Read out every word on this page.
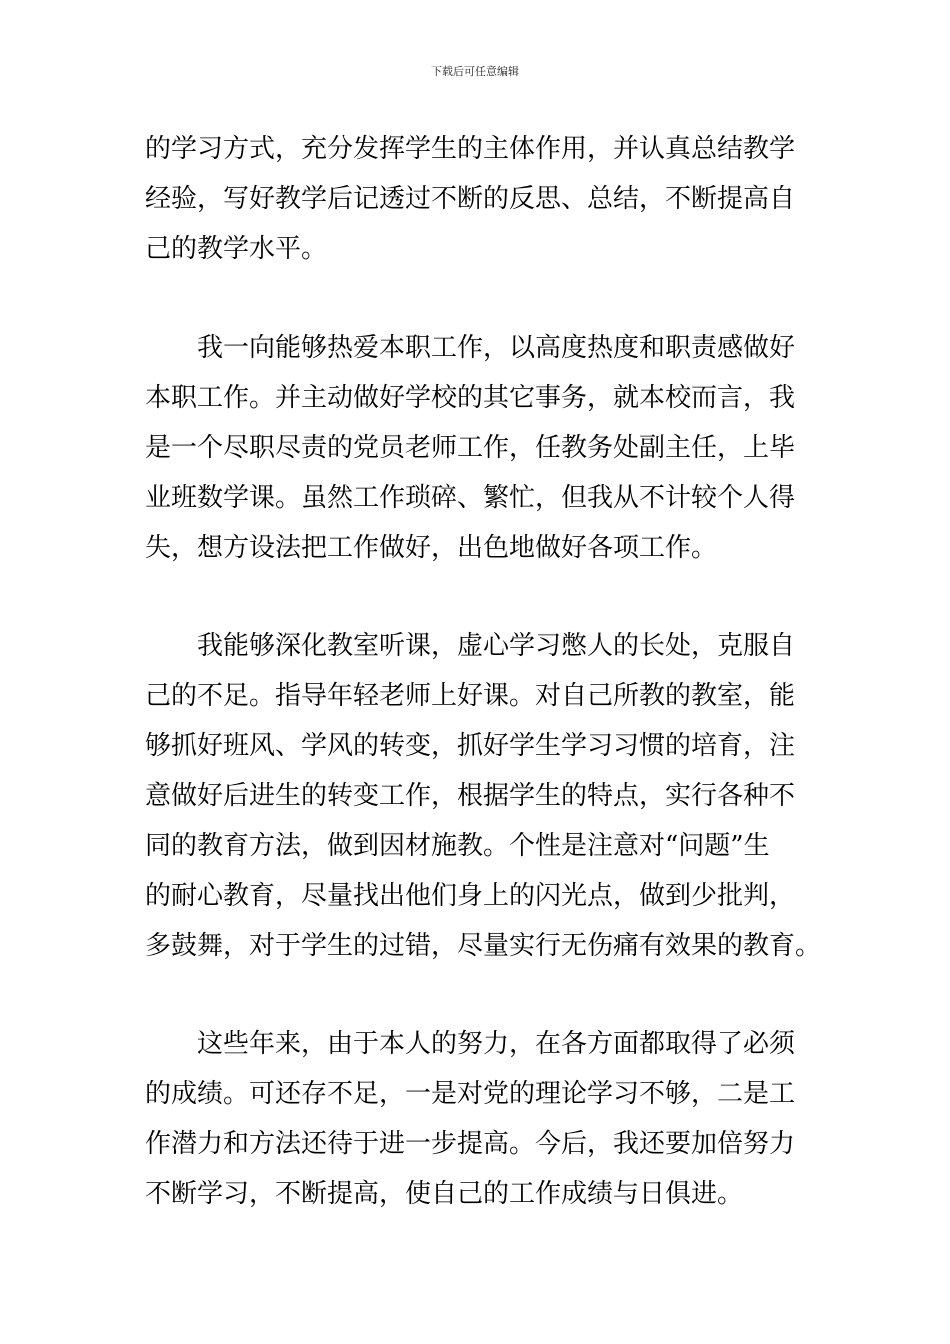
下载后可任意编辑
的学习方式，充分发挥学生的主体作用，并认真总结教学
经验，写好教学后记透过不断的反思、总结，不断提高自
己的教学水平。
我一向能够热爱本职工作，以高度热度和职责感做好
本职工作。并主动做好学校的其它事务，就本校而言，我
是一个尽职尽责的党员老师工作，任教务处副主任，上毕
业班数学课。虽然工作琐碎、繁忙，但我从不计较个人得
失，想方设法把工作做好，出色地做好各项工作。
我能够深化教室听课，虚心学习憋人的长处，克服自
己的不足。指导年轻老师上好课。对自己所教的教室，能
够抓好班风、学风的转变，抓好学生学习习惯的培育，注
意做好后进生的转变工作，根据学生的特点，实行各种不
同的教育方法，做到因材施教。个性是注意对“问题”生
的耐心教育，尽量找出他们身上的闪光点，做到少批判，
多鼓舞，对于学生的过错，尽量实行无伤痛有效果的教育。
这些年来，由于本人的努力，在各方面都取得了必须
的成绩。可还存不足，一是对党的理论学习不够，二是工
作潜力和方法还待于进一步提高。今后，我还要加倍努力
不断学习，不断提高，使自己的工作成绩与日俱进。
